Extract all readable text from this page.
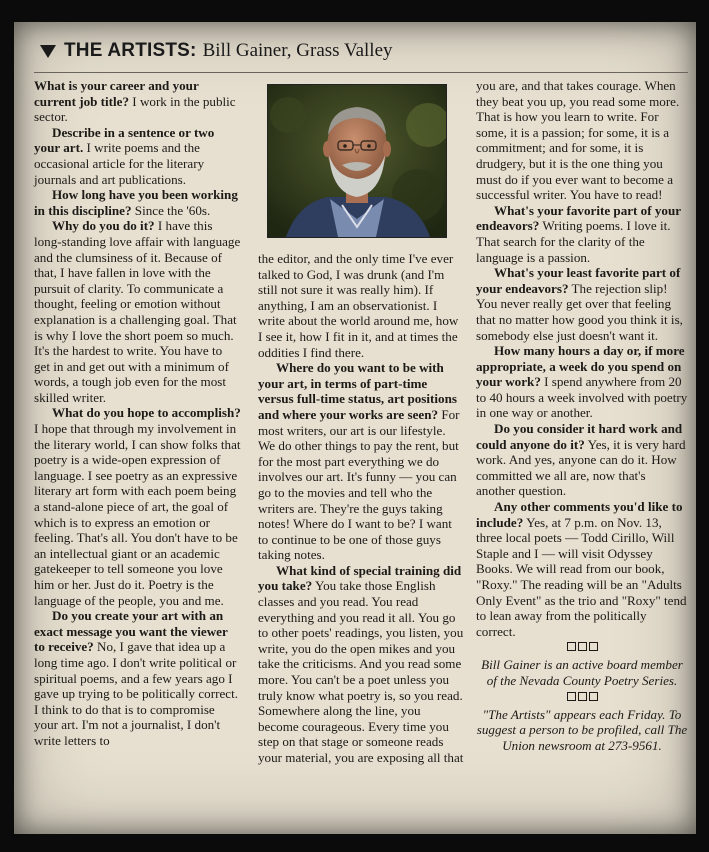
THE ARTISTS: Bill Gainer, Grass Valley

What is your career and your current job title? I work in the public sector.

Describe in a sentence or two your art. I write poems and the occasional article for the literary journals and art publications.

How long have you been working in this discipline? Since the '60s.

Why do you do it? I have this long-standing love affair with language and the clumsiness of it. Because of that, I have fallen in love with the pursuit of clarity. To communicate a thought, feeling or emotion without explanation is a challenging goal. That is why I love the short poem so much. It's the hardest to write. You have to get in and get out with a minimum of words, a tough job even for the most skilled writer.

What do you hope to accomplish? I hope that through my involvement in the literary world, I can show folks that poetry is a wide-open expression of language. I see poetry as an expressive literary art form with each poem being a stand-alone piece of art, the goal of which is to express an emotion or feeling. That's all. You don't have to be an intellectual giant or an academic gatekeeper to tell someone you love him or her. Just do it. Poetry is the language of the people, you and me.

Do you create your art with an exact message you want the viewer to receive? No, I gave that idea up a long time ago. I don't write political or spiritual poems, and a few years ago I gave up trying to be politically correct. I think to do that is to compromise your art. I'm not a journalist, I don't write letters to

the editor, and the only time I've ever talked to God, I was drunk (and I'm still not sure it was really him). If anything, I am an observationist. I write about the world around me, how I see it, how I fit in it, and at times the oddities I find there.

Where do you want to be with your art, in terms of part-time versus full-time status, art positions and where your works are seen? For most writers, our art is our lifestyle. We do other things to pay the rent, but for the most part everything we do involves our art. It's funny — you can go to the movies and tell who the writers are. They're the guys taking notes! Where do I want to be? I want to continue to be one of those guys taking notes.

What kind of special training did you take? You take those English classes and you read. You read everything and you read it all. You go to other poets' readings, you listen, you write, you do the open mikes and you take the criticisms. And you read some more. You can't be a poet unless you truly know what poetry is, so you read. Somewhere along the line, you become courageous. Every time you step on that stage or someone reads your material, you are exposing all that

you are, and that takes courage. When they beat you up, you read some more. That is how you learn to write. For some, it is a passion; for some, it is a commitment; and for some, it is drudgery, but it is the one thing you must do if you ever want to become a successful writer. You have to read!

What's your favorite part of your endeavors? Writing poems. I love it. That search for the clarity of the language is a passion.

What's your least favorite part of your endeavors? The rejection slip! You never really get over that feeling that no matter how good you think it is, somebody else just doesn't want it.

How many hours a day or, if more appropriate, a week do you spend on your work? I spend anywhere from 20 to 40 hours a week involved with poetry in one way or another.

Do you consider it hard work and could anyone do it? Yes, it is very hard work. And yes, anyone can do it. How committed we all are, now that's another question.

Any other comments you'd like to include? Yes, at 7 p.m. on Nov. 13, three local poets — Todd Cirillo, Will Staple and I — will visit Odyssey Books. We will read from our book, "Roxy." The reading will be an "Adults Only Event" as the trio and "Roxy" tend to lean away from the politically correct.

Bill Gainer is an active board member of the Nevada County Poetry Series.

"The Artists" appears each Friday. To suggest a person to be profiled, call The Union newsroom at 273-9561.
